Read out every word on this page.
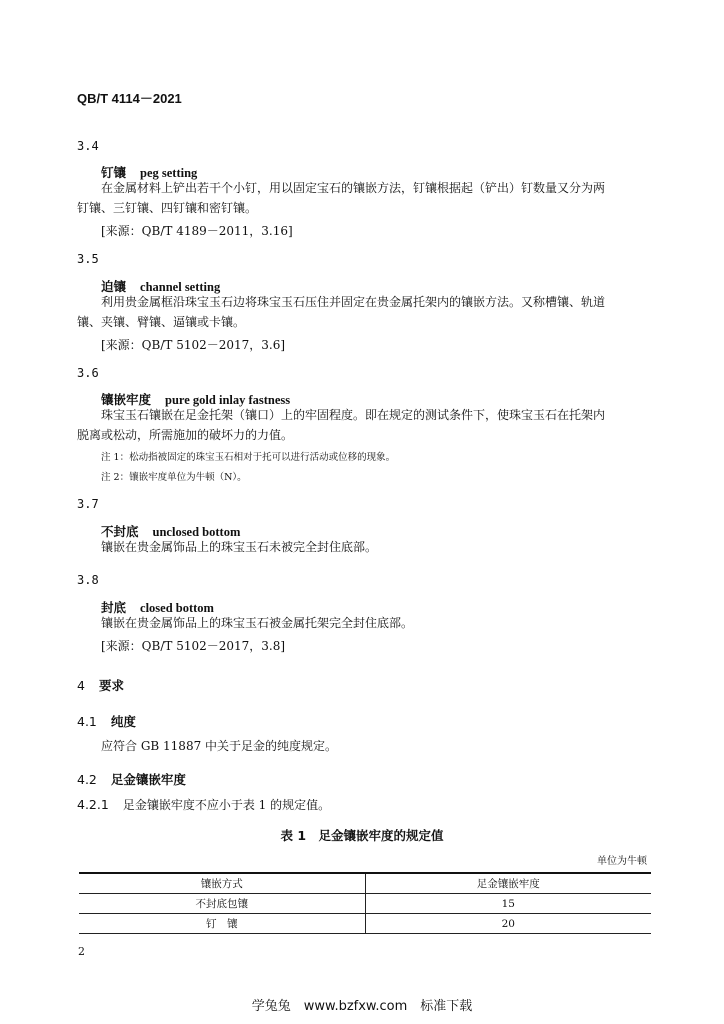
QB/T 4114－2021
3.4
钉镶 peg setting
在金属材料上铲出若干个小钉，用以固定宝石的镶嵌方法，钉镶根据起（铲出）钉数量又分为两
钉镶、三钉镶、四钉镶和密钉镶。
[来源：QB/T 4189－2011，3.16]
3.5
迫镶 channel setting
利用贵金属框沿珠宝玉石边将珠宝玉石压住并固定在贵金属托架内的镶嵌方法。又称槽镶、轨道
镶、夹镶、臂镶、逼镶或卡镶。
[来源：QB/T 5102－2017，3.6]
3.6
镶嵌牢度 pure gold inlay fastness
珠宝玉石镶嵌在足金托架（镶口）上的牢固程度。即在规定的测试条件下，使珠宝玉石在托架内
脱离或松动，所需施加的破坏力的力值。
注 1：松动指被固定的珠宝玉石相对于托可以进行活动或位移的现象。
注 2：镶嵌牢度单位为牛顿（N）。
3.7
不封底 unclosed bottom
镶嵌在贵金属饰品上的珠宝玉石未被完全封住底部。
3.8
封底 closed bottom
镶嵌在贵金属饰品上的珠宝玉石被金属托架完全封住底部。
[来源：QB/T 5102－2017，3.8]
4 要求
4.1 纯度
应符合 GB 11887 中关于足金的纯度规定。
4.2 足金镶嵌牢度
4.2.1 足金镶嵌牢度不应小于表 1 的规定值。
表 1　足金镶嵌牢度的规定值
单位为牛顿
镶嵌方式	足金镶嵌牢度
不封底包镶	15
钉　镶	20
2
学兔兔　www.bzfxw.com　标准下载
